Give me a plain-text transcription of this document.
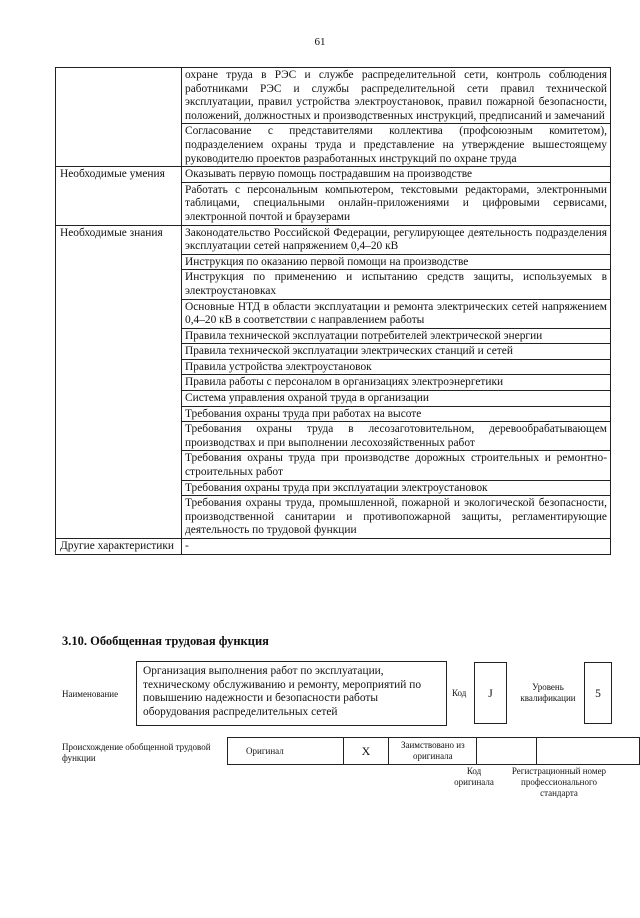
61
	охране труда в РЭС и службе распределительной сети, контроль соблюдения работниками РЭС и службы распределительной сети правил технической эксплуатации, правил устройства электроустановок, правил пожарной безопасности, положений, должностных и производственных инструкций, предписаний и замечаний
	Согласование с представителями коллектива (профсоюзным комитетом), подразделением охраны труда и представление на утверждение вышестоящему руководителю проектов разработанных инструкций по охране труда
Необходимые умения	Оказывать первую помощь пострадавшим на производстве
	Работать с персональным компьютером, текстовыми редакторами, электронными таблицами, специальными онлайн-приложениями и цифровыми сервисами, электронной почтой и браузерами
Необходимые знания	Законодательство Российской Федерации, регулирующее деятельность подразделения эксплуатации сетей напряжением 0,4–20 кВ
	Инструкция по оказанию первой помощи на производстве
	Инструкция по применению и испытанию средств защиты, используемых в электроустановках
	Основные НТД в области эксплуатации и ремонта электрических сетей напряжением 0,4–20 кВ в соответствии с направлением работы
	Правила технической эксплуатации потребителей электрической энергии
	Правила технической эксплуатации электрических станций и сетей
	Правила устройства электроустановок
	Правила работы с персоналом в организациях электроэнергетики
	Система управления охраной труда в организации
	Требования охраны труда при работах на высоте
	Требования охраны труда в лесозаготовительном, деревообрабатывающем производствах и при выполнении лесохозяйственных работ
	Требования охраны труда при производстве дорожных строительных и ремонтно-строительных работ
	Требования охраны труда при эксплуатации электроустановок
	Требования охраны труда, промышленной, пожарной и экологической безопасности, производственной санитарии и противопожарной защиты, регламентирующие деятельность по трудовой функции
Другие характеристики	-
3.10. Обобщенная трудовая функция
Наименование
Организация выполнения работ по эксплуатации, техническому обслуживанию и ремонту, мероприятий по повышению надежности и безопасности работы оборудования распределительных сетей
Код	J
Уровень квалификации	5
Происхождение обобщенной трудовой функции
Оригинал	X	Заимствовано из оригинала		
Код оригинала
Регистрационный номер профессионального стандарта
